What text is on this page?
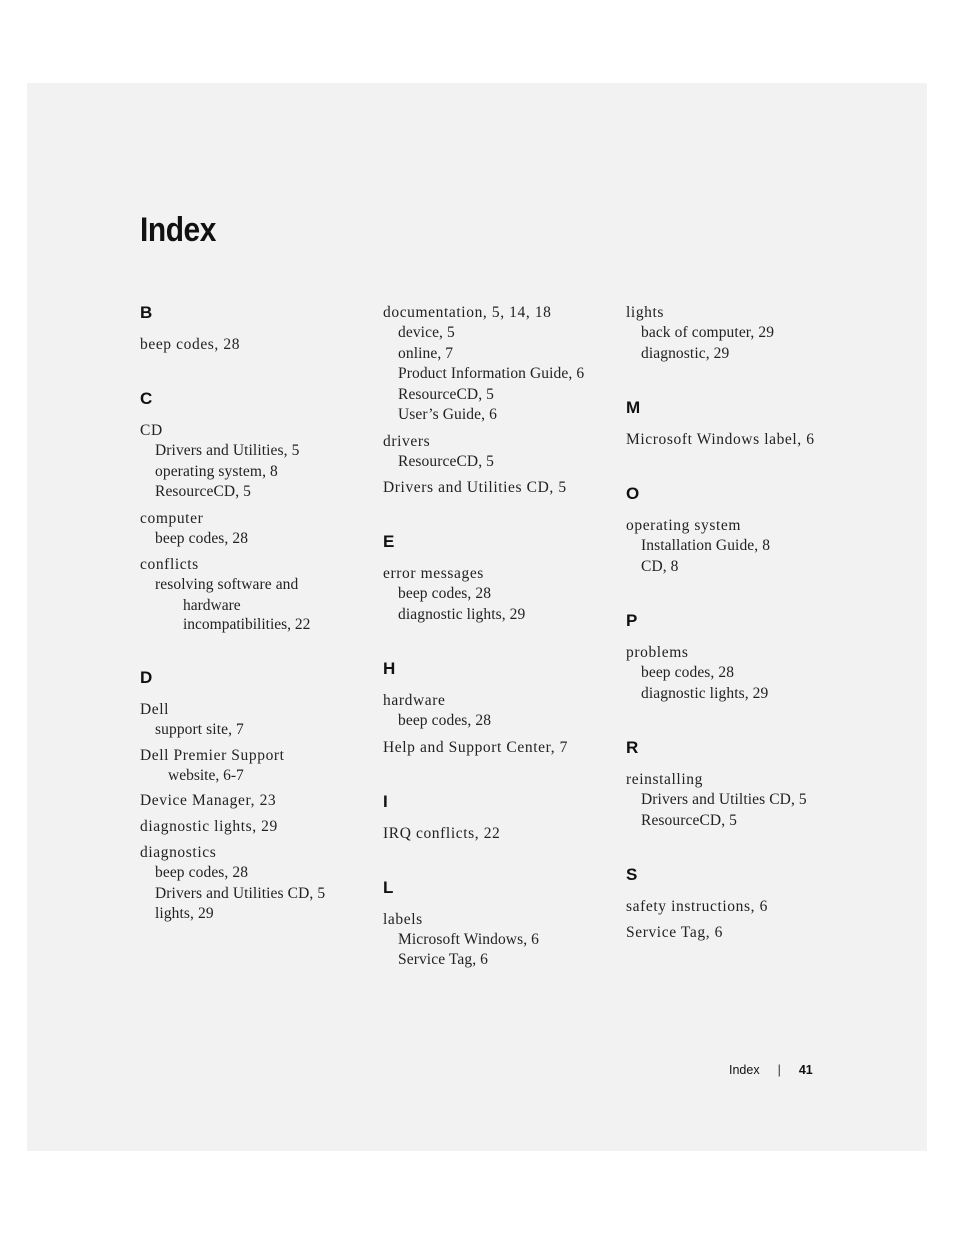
Index
B
beep codes, 28
C
CD
Drivers and Utilities, 5
operating system, 8
ResourceCD, 5
computer
beep codes, 28
conflicts
resolving software and
hardware
incompatibilities, 22
D
Dell
support site, 7
Dell Premier Support
website, 6-7
Device Manager, 23
diagnostic lights, 29
diagnostics
beep codes, 28
Drivers and Utilities CD, 5
lights, 29
documentation, 5, 14, 18
device, 5
online, 7
Product Information Guide, 6
ResourceCD, 5
User’s Guide, 6
drivers
ResourceCD, 5
Drivers and Utilities CD, 5
E
error messages
beep codes, 28
diagnostic lights, 29
H
hardware
beep codes, 28
Help and Support Center, 7
I
IRQ conflicts, 22
L
labels
Microsoft Windows, 6
Service Tag, 6
lights
back of computer, 29
diagnostic, 29
M
Microsoft Windows label, 6
O
operating system
Installation Guide, 8
CD, 8
P
problems
beep codes, 28
diagnostic lights, 29
R
reinstalling
Drivers and Utilties CD, 5
ResourceCD, 5
S
safety instructions, 6
Service Tag, 6
Index | 41
